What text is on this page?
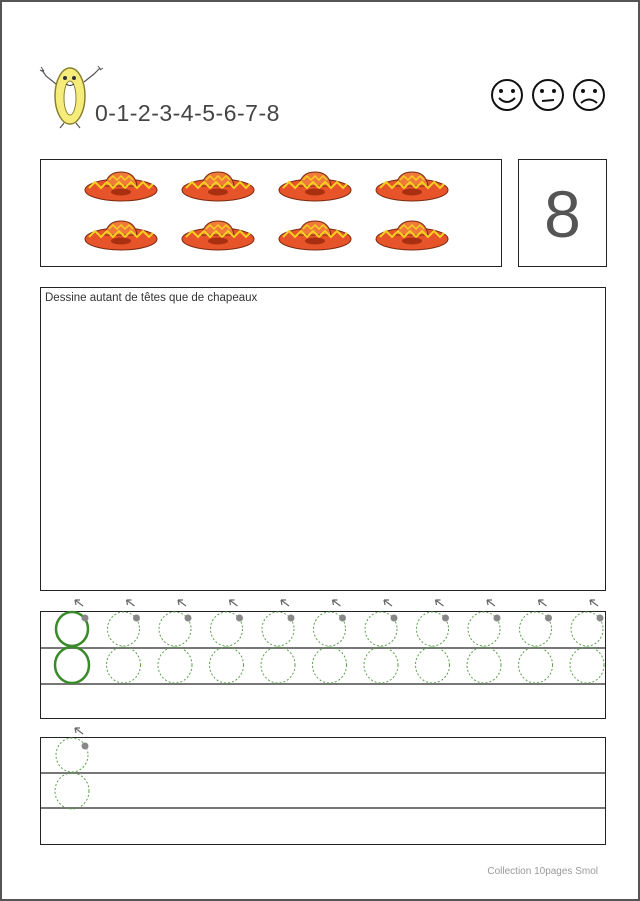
0-1-2-3-4-5-6-7-8
8
Dessine autant de têtes que de chapeaux
Collection 10pages Smol
